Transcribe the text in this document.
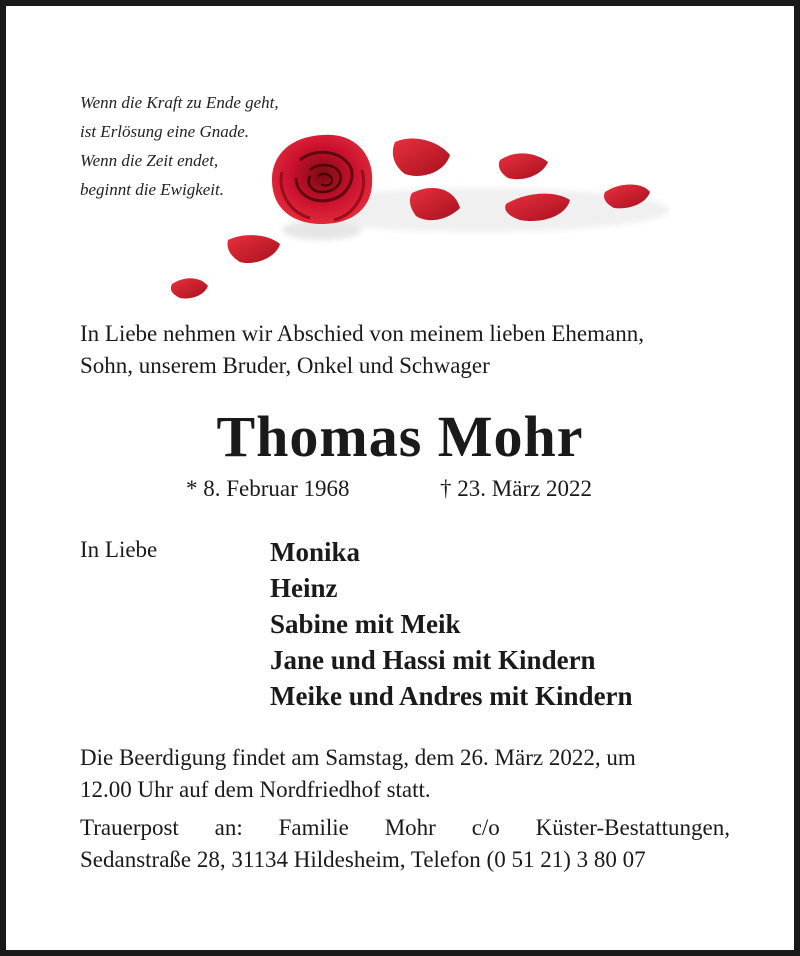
Wenn die Kraft zu Ende geht,
ist Erlösung eine Gnade.
Wenn die Zeit endet,
beginnt die Ewigkeit.
In Liebe nehmen wir Abschied von meinem lieben Ehemann,
Sohn, unserem Bruder, Onkel und Schwager
Thomas Mohr
* 8. Februar 1968	† 23. März 2022
In Liebe	Monika
Heinz
Sabine mit Meik
Jane und Hassi mit Kindern
Meike und Andres mit Kindern
Die Beerdigung findet am Samstag, dem 26. März 2022, um
12.00 Uhr auf dem Nordfriedhof statt.
Trauerpost an: Familie Mohr c/o Küster-Bestattungen,
Sedanstraße 28, 31134 Hildesheim, Telefon (0 51 21) 3 80 07
